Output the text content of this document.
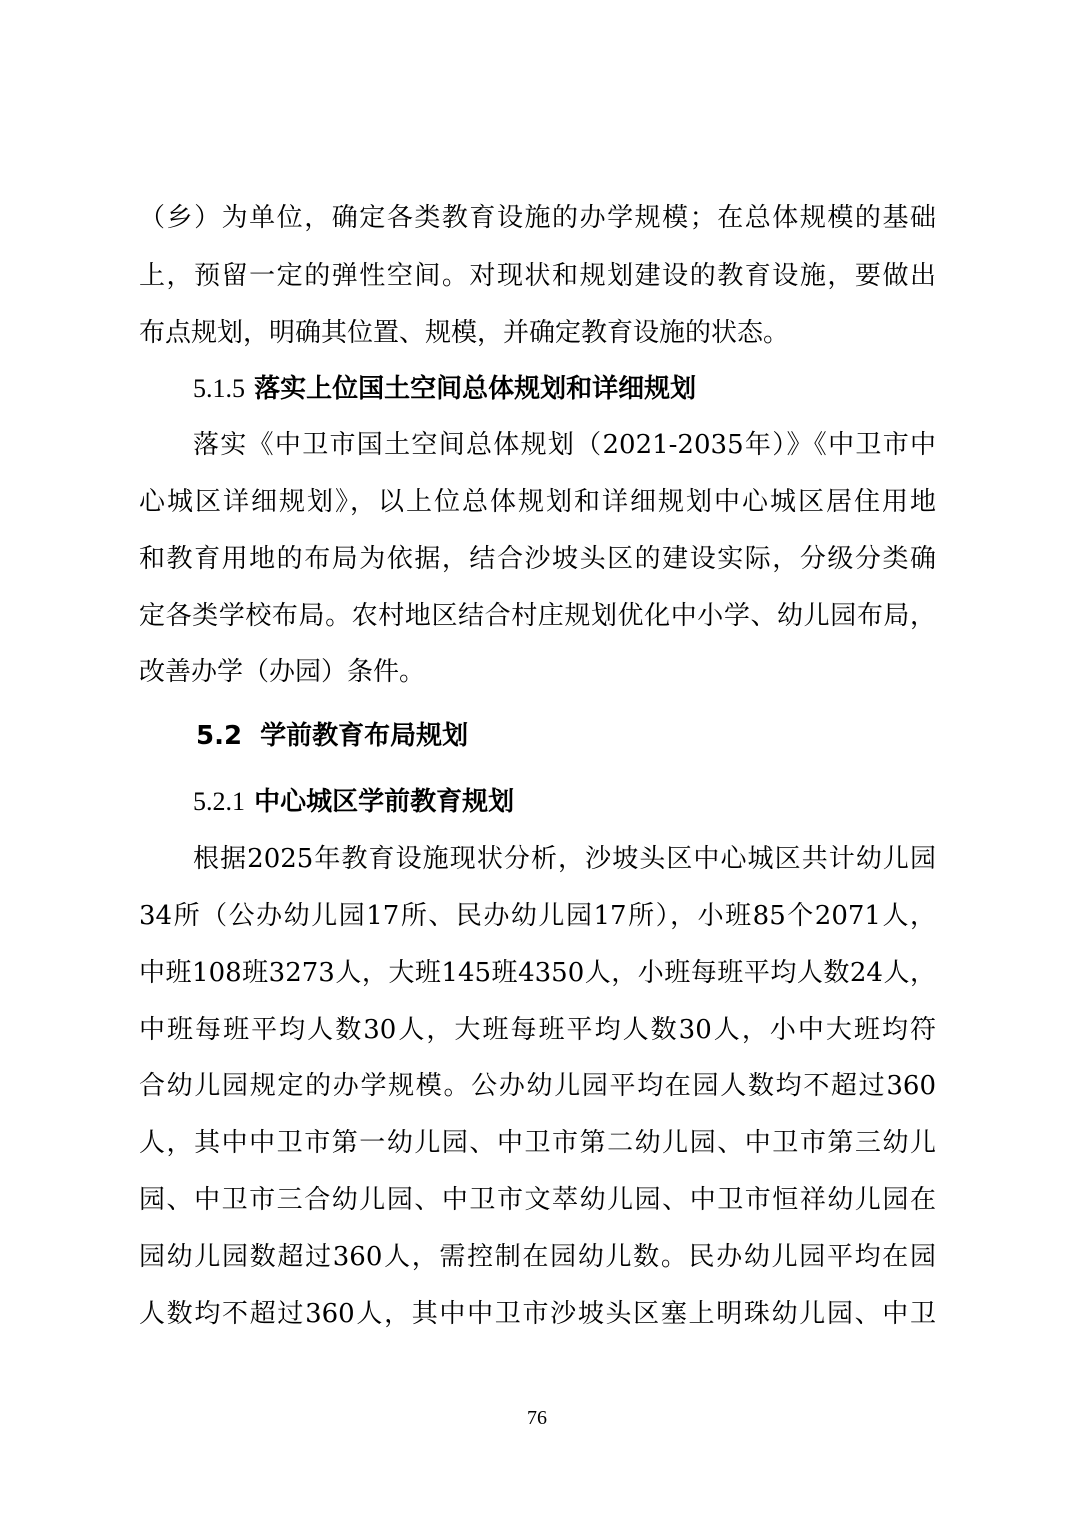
（乡）为单位，确定各类教育设施的办学规模；在总体规模的基础
上，预留一定的弹性空间。对现状和规划建设的教育设施，要做出
布点规划，明确其位置、规模，并确定教育设施的状态。
5.1.5 落实上位国土空间总体规划和详细规划
落实《中卫市国土空间总体规划（2021-2035年）》《中卫市中
心城区详细规划》，以上位总体规划和详细规划中心城区居住用地
和教育用地的布局为依据，结合沙坡头区的建设实际，分级分类确
定各类学校布局。农村地区结合村庄规划优化中小学、幼儿园布局，
改善办学（办园）条件。
5.2 学前教育布局规划
5.2.1 中心城区学前教育规划
根据2025年教育设施现状分析，沙坡头区中心城区共计幼儿园
34所（公办幼儿园17所、民办幼儿园17所），小班85个2071人，
中班108班3273人，大班145班4350人，小班每班平均人数24人，
中班每班平均人数30人，大班每班平均人数30人，小中大班均符
合幼儿园规定的办学规模。公办幼儿园平均在园人数均不超过360
人，其中中卫市第一幼儿园、中卫市第二幼儿园、中卫市第三幼儿
园、中卫市三合幼儿园、中卫市文萃幼儿园、中卫市恒祥幼儿园在
园幼儿园数超过360人，需控制在园幼儿数。民办幼儿园平均在园
人数均不超过360人，其中中卫市沙坡头区塞上明珠幼儿园、中卫
76
